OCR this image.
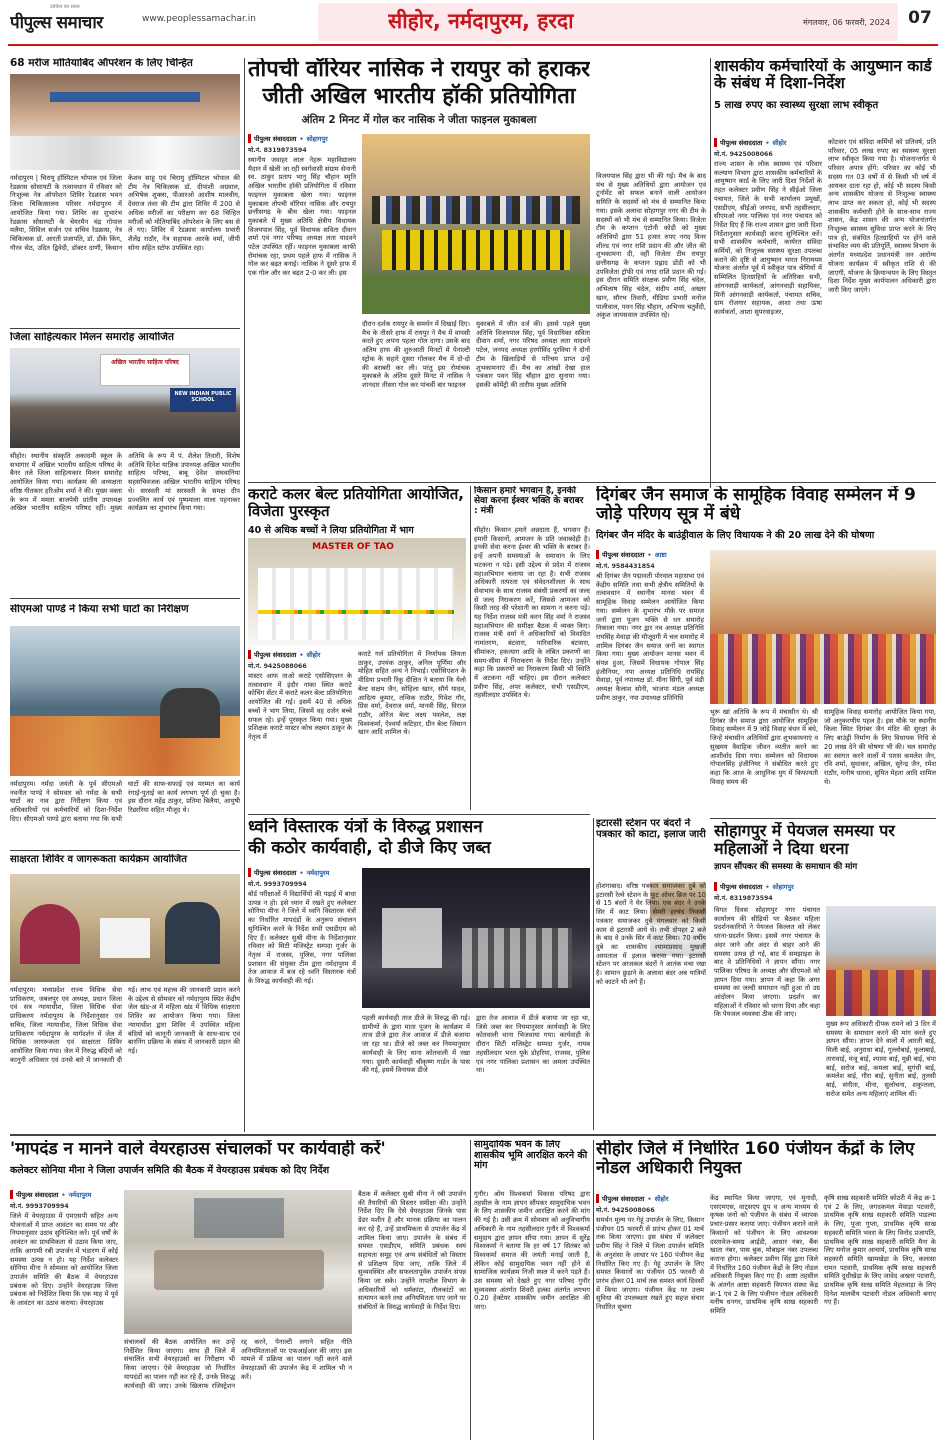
दायित्व का सफ़र
पीपुल्स समाचार	www.peoplessamachar.in	सीहोर, नर्मदापुरम, हरदा	मंगलवार, 06 फरवरी, 2024	07
68 मरीज मोतियाबिंद ऑपरेशन के लिए चिन्हित
नर्मदापुरम | चिरायु हॉस्पिटल भोपाल एवं जिला रेडक्रास सोसायटी के तत्वावधान में रविवार को निःशुल्क नेत्र ऑपरेशन शिविर रेडक्रास भवन जिला चिकित्सालय परिसर नर्मदापुरम में आयोजित किया गया। शिविर का शुभारंभ रेडक्रास सोसायटी के चेयरमैन चंद्र गोपाल मलैया, सिविल सर्जन एवं सचिव रेडक्रास, नेत्र चिकित्सक डॉ. आरती प्रजापति, डॉ. डीके किंग, गौरव सेठ, उदित द्विवेदी, डॉक्टर दाणी, किसान केशव साहू एवं चिरायु हॉस्पिटल भोपाल की टीम नेत्र चिकित्सक डॉ. दीपांशी अग्रवाल, अभिषेक शुक्ला, पीआरओ आशीष मालवीय, देवराज तंवर की टीम द्वारा शिविर में 200 से अधिक मरीजों का परीक्षण कर 68 चिन्हित मरीजों को मोतियाबिंद ऑपरेशन के लिए बस से ले गए। शिविर में रेडक्रास कार्यालय प्रभारी शैलेंद्र राठौर, नेत्र सहायक आरके वर्मा, जीपी सोना सहित स्टॉफ उपस्थित रहा।
जिला साहित्यकार मिलन समारोह आयोजित
अखिल भारतीय साहित्य परिषद
NEW INDIAN PUBLIC SCHOOL
सीहोर। स्थानीय संस्कृति अकादमी स्कूल के सभागार में अखिल भारतीय साहित्य परिषद के बैनर तले जिला साहित्यकार मिलन समारोह आयोजित किया गया। कार्यक्रम की अध्यक्षता वरिष्ठ गीतकार हरिओम शर्मा ने की। मुख्य वक्ता के रूप में ममता बाजपेयी प्रांतीय उपाध्यक्ष अखिल भारतीय साहित्य परिषद रहीं। मुख्य अतिथि के रूप में पं. शैलेश तिवारी, विशेष अतिथि दिनेश याज्ञिक उपाध्यक्ष अखिल भारतीय साहित्य परिषद, बाबू देवेश संघवानिया सहसचिवजक अखिल भारतीय साहित्य परिषद थे। सरस्वती मां सरस्वती के समक्ष दीप प्रज्वलित कार्य एवं पुष्पमाला माला पहनाकर कार्यक्रम का शुभारंभ किया गया।
सीएमओ पाण्डे ने किया सभी घाटों का निरीक्षण
नर्मदापुरम। नर्मदा जयंती के पूर्व सीएमओ नवनीत पाण्डे ने सोमवार को नर्मदा के सभी घाटों का नाव द्वारा निरीक्षण किया एवं अधिकारियों एवं कर्मचारियों को दिशा-निर्देश दिए। सीएमओ पाण्डे द्वारा बताया गया कि सभी घाटों की साफ-सफाई एवं मरम्मत का कार्य रंगाई-पुताई का कार्य लगभग पूर्ण हो चुका है। इस दौरान महेंद्र ठाकुर, प्रतिमा बिलैया, आयुषी रिछारिया सहित मौजूद थे।
साक्षरता शिविर व जागरूकता कार्यक्रम आयोजित
नर्मदापुरम। मध्यप्रदेश राज्य विधिक सेवा प्राधिकरण, जबलपुर एवं अध्यक्ष, प्रधान जिला एवं सत्र न्यायाधीश, जिला विधिक सेवा प्राधिकरण नर्मदापुरम के निर्देशानुसार एवं सचिव, जिला न्यायाधीश, जिला विधिक सेवा प्राधिकरण नर्मदापुरम के मार्गदर्शन में जेल में विधिक जागरूकता एवं साक्षरता शिविर आयोजित किया गया। जेल में निरुद्ध बंदियों को कानूनी अधिकार एवं उनसे बारे में जानकारी दी गई। लाभ एवं महत्त्व की जानकारी प्रदान करने के उद्देश्य से सोमवार को नर्मदापुरम स्थित केंद्रीय जेल खंड-अ में महिला खंड में विधिक साक्षरता शिविर का आयोजन किया गया। जिला न्यायाधीश द्वारा शिविर में उपस्थित महिला बंदियों को कानूनी जानकारी के साथ-साथ एवं बारनिंग प्रक्रिया के संबंध में जानकारी प्रदान की गई।
तोपची वॉरियर नासिक ने रायपुर को हराकर
जीती अखिल भारतीय हॉकी प्रतियोगिता
अंतिम 2 मिनट में गोल कर नासिक ने जीता फाइनल मुकाबला
पीपुल्स संवाददाता • सोहागपुर
मो.नं. 8319873594
स्थानीय जवाहर लाल नेहरू महाविद्यालय मैदान में खेली जा रही स्वर्गवासी संग्राम सेनानी स्व. ठाकुर प्रताप भानु सिंह चौहान स्मृति अखिल भारतीय हॉकी प्रतियोगिता में रविवार फाइनल मुकाबला खेला गया। फाइनल मुकाबला तोपची वॉरियर नासिक और रायपुर छत्तीसगढ़ के बीच खेला गया। फाइनल मुकाबले में मुख्य अतिथि क्षेत्रीय विधायक विजयपाल सिंह, पूर्व विधायक सविता दीवान शर्मा एवं नगर परिषद अध्यक्ष लता यादवने पटेल उपस्थित रहीं। फाइनल मुकाबला काफी रोमांचक रहा, प्रथम पहले हाफ में नासिक ने गोल कर बढ़त बनाई। नासिक ने दूसरे हाफ में एक गोल और कर बढ़त 2-0 कर ली। इस
दौरान दर्शक रायपुर के समर्थन में दिखाई दिए। मैच के तीसरे हाफ में रायपुर ने मैच में वापसी करते हुए अपना पहला गोल दागा। उसके बाद अंतिम हाफ की शुरुआती मिनटों में पेनाल्टी स्ट्रोक के सहारे दूसरा गोलकर मैच में दो-दो की बराबरी कर ली। परंतु इस रोमांचक मुकाबले के अंतिम दूसरे मिनट में नासिक ने शानदार तीसरा गोल कर पांचवीं बार फाइनल
मुकाबले में जीत दर्ज की। इससे पहले मुख्य अतिथि विजयपाल सिंह, पूर्व विधायिका सविता दीवान शर्मा, नगर परिषद अध्यक्ष लता यादवने पटेल, जनपद अध्यक्ष हरगोविंद पुरविया ने दोनों टीम के खिलाड़ियों से परिचय प्राप्त उन्हें शुभकामनाएं दीं। मैच का आंखों देखा हाल पत्रकार पवन सिंह चौहान द्वारा सुनाया गया। इसकी कॉमेंट्री की तारीफ मुख्य अतिथि
विजयपाल सिंह द्वारा भी की गई। मैच के बाद मंच से मुख्य अतिथियों द्वारा आयोजन एवं टूर्नामेंट को सफल बनाने वाली आयोजन समिति के सदस्यों को मंच से सम्मानित किया गया। इसके अलावा सोहागपुर नगर की टीम के सदस्यों को भी मंच से सम्मानित किया। विजेता टीम के कप्तान एंटोनी कोड़ी को मुख्य अतिथियों द्वारा 51 हजार रुपए नगद विनर शील्ड एवं नगर राशि प्रदान की और जीत की शुभकामना दी, वहीं विजेता टीम रायपुर छत्तीसगढ़ के कप्तान प्रह्लाद डोंडी को भी उपविजेता ट्रॉफी एवं नगद राशि प्रदान की गई। इस दौरान समिति संरक्षक प्रवीण सिंह चंदेल, अभिलाष सिंह चंदेल, संदीप शर्मा, अख्तर खान, सौरभ तिवारी, मीडिया प्रभारी मनोज पालीवाल, पवन सिंह चौहान, अभिनय चतुर्वेदी, अंकुश जायसवाल उपस्थित रहे।
कराटे कलर बेल्ट प्रतियोगिता आयोजित, विजेता पुरस्कृत
40 से अधिक बच्चों ने लिया प्रतियोगिता में भाग
MASTER OF TAO
पीपुल्स संवाददाता • सीहोर
मो.नं. 9425088066
मास्टर आफ ताओ कराटे एसोसिएशन के तत्वावधान में इंदौर नाका स्थित कराटे कोचिंग सेंटर में कराटे कलर बेल्ट प्रतियोगिता आयोजित की गई। इसमें 40 से अधिक बच्चों ने भाग लिया, जिसमें वह दर्जन बच्चे सफल रहे। इन्हें पुरस्कृत किया गया। मुख्य प्रशिक्षक कराटे मास्टर कोच लक्ष्मन ठाकुर के नेतृत्व में
कराटे गर्ल प्रतियोगिता में निर्णायक लियता ठाकुर, उपयंक ठाकुर, अनिल पूर्णिमा और मोहित सहित अन्य ने निभाई। एसोसिएशन के मीडिया प्रभारी रिंकू दीक्षित ने बताया कि येलो बेल्ट सक्षम जैन, सोहिला खान, सौर्य यादव, आदित्य कुमार, तन्विक राठौर, गिवेश गौर, प्रिंस वर्मा, देवराज वर्मा, मानवी सिंह, विराज राठौर, ओरेंज बेल्ट लक्ष्य पवलेश, लक्ष विश्वकर्मा, ऐश्वर्या कटिहार, ग्रीन बेल्ट जिसान खान आदि शामिल थे।
किसान हमारे भगवान हैं, इनकी सेवा करना ईश्वर भक्ति के बराबर : मंत्री
सीहोर। किसान हमारे अन्नदाता हैं, भगवान हैं। हमारी किसानों, आमजन के प्रति जवाबदेही है। इनकी सेवा करना ईश्वर की भक्ति के बराबर है। इन्हें अपनी समस्याओं के समाधान के लिए भटकना न पड़े। इसी उद्देश्य से प्रदेश में राजस्व महाअभियान चलाया जा रहा है। सभी राजस्व अधिकारी तत्परता एवं संवेदनशीलता के साथ सेवाभाव के साथ राजस्व संबंधी प्रकरणों का जल्द से जल्द निराकरण करें, जिससे आमजन को किसी तरह की परेशानी का सामना न करना पड़े। यह निर्देश राजस्व मंत्री करन सिंह वर्मा ने राजस्व महाअभियान की समीक्षा बैठक में व्यक्त किए। राजस्व मंत्री वर्मा ने अधिकारियों को विवादित नामांतरण, बंटवारा, पारिवारिक बंटवारा, सीमांकन, हकत्याग आदि के लंबित प्रकरणों का समय-सीमा में निराकरण के निर्देश दिए। उन्होंने कहा कि प्रकरणों का निराकरण किसी भी स्थिति में अटकना नहीं चाहिए। इस दौरान कलेक्टर प्रवीण सिंह, अपर कलेक्टर, सभी एसडीएम, तहसीलदार उपस्थित थे।
ध्वनि विस्तारक यंत्रों के विरुद्ध प्रशासन
की कठोर कार्यवाही, दो डीजे किए जब्त
पीपुल्स संवाददाता • नर्मदापुरम
मो.नं. 9993709994
बोर्ड परीक्षाओं में विद्यार्थियों की पढ़ाई में बाधा उत्पन्न न हो। इसे ध्यान में रखते हुए कलेक्टर सोनिया मीना ने जिले में ध्वनि विस्तारक यंत्रों का निर्धारित मापदंडों के अनुरूप संचालन सुनिश्चित करने के निर्देश सभी एसडीएम को दिए हैं। कलेक्टर सुश्री मीना के निर्देशानुसार रविवार को सिटी मजिस्ट्रेट सम्पदा गुर्जर के नेतृत्व में राजस्व, पुलिस, नगर पालिका प्रशासन की संयुक्त टीम द्वारा नर्मदापुरम में तेज आवाज में बज रहे ध्वनि विस्तारक यंत्रों के विरुद्ध कार्यवाही की गई।
पहली कार्यवाही ताज डीजे के विरुद्ध की गई। ग्रामीणों के द्वारा माता पूजन के कार्यक्रम में ताज डीजे द्वारा तेज आवाज में डीजे बजाया जा रहा था। डीजे को जब्त कर नियमानुसार कार्यवाही के लिए थाना कोतवाली में रखा गया। दूसरी कार्यवाही श्रीकृष्ण गार्डन के पास की गई, इसमें विनायक डीजे
द्वारा तेज आवाज में डीजे बजाया जा रहा था, जिसे जब्त कर नियमानुसार कार्यवाही के लिए कोतवाली थाना भिजवाया गया। कार्यवाही के दौरान सिटी मजिस्ट्रेट सम्पदा गुर्जर, नायब तहसीलदार भरत यूके डोहरिया, राजस्व, पुलिस एवं नगर पालिका प्रशासन का अमला उपस्थित था।
इटारसी स्टेशन पर बंदरों ने पत्रकार को काटा, इलाज जारी
होशंगाबाद। वरिष्ठ पत्रकार समाजकर दुबे को इटारसी रेल्वे स्टेशन के फूट ओवर ब्रिज पर 10 से 15 बंदरों ने घेर लिया। एक बंदर ने उनके सिर में काट लिया। सेमरी हरचंद निवासी पत्रकार समाजकर दुबे मंगलवार को किसी काम से इटारसी आये थे। तभी दोपहर 2 बजे के बाद वे उनके सिर में काट लिया। 70 वर्षीय दुबे का शासकीय श्यामाप्रसाद मुखर्जी अस्पताल में इलाज कराया गया। इटारसी स्टेशन पर आजकल बंदरों ने आतंक मचा रखा है। सामान छुड़ाने के अलावा बंदर अब यात्रियों को काटने भी लगे हैं।
शासकीय कर्मचारियों के आयुष्मान कार्ड के संबंध में दिशा-निर्देश
5 लाख रुपए का स्वास्थ्य सुरक्षा लाभ स्वीकृत
पीपुल्स संवाददाता • सीहोर
मो.नं. 9425008066
राज्य शासन के लोक स्वास्थ्य एवं परिवार कल्याण विभाग द्वारा शासकीय कर्मचारियों के आयुष्मान कार्ड के लिए जारी दिशा निर्देशों के तहत कलेक्टर प्रवीण सिंह ने सीईओ जिला पंचायत, जिले के सभी कार्यालय प्रमुखों, एसडीएम, सीईओ जनपद, सभी तहसीलदार, सीएमओ नगर पालिका एवं नगर पंचायत को निर्देश दिए हैं कि राज्य शासन द्वारा जारी दिशा निर्देशानुसार कार्यवाही करना सुनिश्चित करें। सभी शासकीय कर्मचारी, कार्यरत संविदा कर्मियों, को निःशुल्क स्वास्थ्य सुरक्षा उपलब्ध कराने की दृष्टि से आयुष्मान भारत निरामयम योजना अंतर्गत पूर्व में स्वीकृत पात्र श्रेणियों में सम्मिलित हितग्राहियों के अतिरिक्त सभी, आंगनवाड़ी कार्यकर्ता, आंगनवाड़ी सहायिका, मिनी आंगनवाड़ी कार्यकर्ता, पंचायत सचिव, ग्राम रोजगार सहायक, आशा तथा ऊषा कार्यकर्ता, आशा सुपरवाइजर,
कोटवार एवं संविदा कर्मियों को प्रतिवर्ष, प्रति परिवार, 05 लाख रुपए का स्वास्थ्य सुरक्षा लाभ स्वीकृत किया गया है। योजनान्तर्गत ये परिवार अपात्र होंगे: परिवार का कोई भी सदस्य गत 03 वर्षों में से किसी भी वर्ष में आयकर दाता रहा हो, कोई भी सदस्य किसी अन्य शासकीय योजना से निःशुल्क स्वास्थ्य लाभ प्राप्त कर सकता हो, कोई भी सदस्य शासकीय कर्मचारी होने के साथ-साथ राज्य शासन, केंद्र शासन की अन्य योजनांतर्गत निःशुल्क स्वास्थ्य सुविधा प्राप्त करने के लिए पात्र हो, संबंधित हितग्राहियों पर होने वाले संभावित व्यय की प्रतिपूर्ति, स्वास्थ्य विभाग के अंतर्गत मध्यप्रदेश प्रधानमंत्री जन आरोग्य योजना कार्यक्रम में स्वीकृत राशि से की जाएगी, योजना के क्रियान्वयन के लिए विस्तृत दिशा निर्देश मुख्य कार्यपालन अधिकारी द्वारा जारी किए जाएंगे।
दिगंबर जैन समाज के सामूहिक विवाह सम्मेलन में 9 जोड़े परिणय सूत्र में बंधे
दिगंबर जैन मंदिर के बाउंड्रीवाल के लिए विधायक ने की 20 लाख देने की घोषणा
पीपुल्स संवाददाता • आष्टा
मो.नं. 9584431854
श्री दिगंबर जैन पद्मावती पोरवाल महासभा एवं केंद्रीय समिति तथा सभी क्षेत्रीय समितियों के तत्वावधान में स्थानीय मानस भवन में सामूहिक विवाह सम्मेलन आयोजित किया गया। सम्मेलन के शुभारंभ मौके पर समाज जनों द्वारा पूजन भक्ति से धन समारोह निकाला गया। नगर द्वार नव अध्यक्ष प्रतिनिधि रायसिंह मेवाड़ा की मौजूदगी में चल समारोह में शामिल दिगंबर जैन समाज जनों का स्वागत किया गया। मुख्य आयोजन मानस भवन में संपन्न हुआ, जिसमें विधायक गोपाल सिंह इंजीनियर, नपा अध्यक्ष प्रतिनिधि रायसिंह मेवाड़ा, पूर्व नपाध्यक्ष डॉ. मीना सिंगी, पूर्व मंडी अध्यक्ष कैलाश सोनी, भाजपा मंडल अध्यक्ष प्रवीण ठाकुर, नपा उपाध्यक्ष प्रतिनिधि
भूरू खां अतिथि के रूप में मंचासीन थे। श्री दिगंबर जैन समाज द्वारा आयोजित सामूहिक विवाह सम्मेलन में 9 जोड़े विवाह बंधन में बंधे, जिन्हें मंचासीन अतिथियों द्वारा शुभकामनाएं व सुखमय वैवाहिक जीवन व्यतीत करने का आशीर्वाद दिया गया। सम्मेलन को विधायक गोपालसिंह इंजीनियर ने संबोधित करते हुए कहा कि आज के आधुनिक युग में किफायती विवाह समय की
सामूहिक विवाह समारोह आयोजित किया गया, जो अनुकरणीय पहल है। इस मौके पर स्थानीय किला स्थित दिगंबर जैन मंदिर की सुरक्षा के लिए बाउंड्री निर्माण के लिए विधायक निधि से 20 लाख देने की घोषणा भी की। चल समारोह का स्वागत करने वालों में पारस कमलेश जैन, रवि शर्मा, सुधाकर, अखिल, सुरेन्द्र जैन, रमेश राठौर, मनीष धारवा, सुमित मेहता आदि शामिल थे।
सोहागपुर में पेयजल समस्या पर महिलाओं ने दिया धरना
ज्ञापन सौंपकर की समस्या के समाधान की मांग
पीपुल्स संवाददाता • सोहागपुर
मो.नं. 8319873594
विगत दिवस सोहागपुर नगर पंचायत कार्यालय की सीढ़ियों पर बैठकर महिला प्रदर्शनकारियों ने पेयजल किल्लत को लेकर धरना-प्रदर्शन किया। इससे नगर पंचायत के अंदर जाने और अंदर से बाहर आने की समस्या उत्पन्न हो गई, बाद में समझाइश के बाद वे प्रतिनिधियों ने ज्ञापन सौंपा। नगर पालिका परिषद के अध्यक्ष और सीएमओ को ज्ञापन दिया गया। ज्ञापन में कहा कि अगर समस्या का जल्दी समाधान नहीं हुआ तो उग्र आंदोलन किया जाएगा। प्रदर्शन कर महिलाओं ने रविवार को धरना दिया और कहा कि पेयजल व्यवस्था ठीक की जाए।
मुख्य रूप अधिकारी दीपक रामने को 3 दिन में समस्या के समाधान करने की मांग करते हुए ज्ञापन सौंपा। ज्ञापन देने वालों में आरती बाई, मिली बाई, अनुराधा बाई, गुल्लोबाई, फूलाबाई, तारावाई, मंजू बाई, श्यामा बाई, मुन्नी बाई, चंपा बाई, सरोज बाई, कमला बाई, सुगंधी बाई, कमलेश बाई, गौरा बाई, सुनीता बाई, तुलसी बाई, संगीता, मीना, सुलोचना, शकुन्तला, सरोज समेत अन्य महिलाएं शामिल थीं।
'मापदंड न मानने वाले वेयरहाउस संचालकों पर कार्यवाही करें'
कलेक्टर सोनिया मीना ने जिला उपार्जन समिति की बैठक में वेयरहाउस प्रबंधक को दिए निर्देश
पीपुल्स संवाददाता • नर्मदापुरम
मो.नं. 9993709994
जिले में वेयरहाउस में एमएसपी सहित अन्य योजनाओं में प्राप्त आवंटन का समय पर और नियमानुसार उठाव सुनिश्चित करें। पूर्व वर्षों के आवंटन का प्राथमिकता से उठाव किया जाए, ताकि आगामी रबी उपार्जन में भंडारण में कोई समस्या उत्पन्न न हो। यह निर्देश कलेक्टर सोनिया मीना ने सोमवार को आयोजित जिला उपार्जन समिति की बैठक में वेयरहाउस प्रबंधक को दिए। उन्होंने वेयरहाउस जिला प्रबंधक को निर्देशित किया कि एक माह में पूर्व के आवंटन का उठाव कराया। वेयरहाउस
संचालकों की बैठक आयोजित कर उन्हें निर्देशित किया जाएगा। साथ ही जिले में संचालित सभी वेयरहाउसों का निरीक्षण भी किया जाएगा। ऐसे वेयरहाउस जो निर्धारित मापदंडों का पालन नहीं कर रहे हैं, उनके विरुद्ध कार्यवाही की जाए। उनके खिलाफ रजिस्ट्रेशन रद्द करने, पेनाल्टी लगाने सहित नीति अनियमितताओं पर एफआईआर की जाए। इस मामले में प्रक्रिया का पालन नहीं करने वाले वेयरहाउसों की उपार्जन केंद्र में शामिल भी न करें।
बैठक में कलेक्टर सुश्री मीना ने रबी उपार्जन की तैयारियों की विस्तार समीक्षा की। उन्होंने निर्देश दिए कि ऐसे वेयरहाउस जिनके पास ग्रेडर मशीन है और मानक प्रक्रिया का पालन कर रहे हैं, उन्हें प्राथमिकता से उपार्जन केंद्र में शामिल किया जाए। उपार्जन के संबंध में समस्त एसडीएम, समिति प्रबंधक स्वयं सहायता समूह एवं अन्य संबंधितों को विस्तार से प्रशिक्षण दिया जाए, ताकि जिले में सुव्यवस्थित और सफलतापूर्वक उपार्जन संपन्न किया जा सके। उन्होंने नापतौल विभाग के अधिकारियों को धर्मकांटा, तौलकांटों का सत्यापन करने तथा अनियमितता पाए जाने पर संबंधितों के विरुद्ध कार्यवाही के निर्देश दिए।
सामुदायिक भवन के लिए शासकीय भूमि आरक्षित करने की मांग
गुनौर। ओम विश्वकर्मा विकास परिषद द्वारा तहसील के नाम ज्ञापन सौंपकर सामुदायिक भवन के लिए शासकीय जमीन आरक्षित करने की मांग की गई है। उसी क्रम में सोमवार को अनुविभागीय अधिकारी के नाम तहसीलदार गुनौर में विश्वकर्मा समुदाय द्वारा ज्ञापन सौंपा गया। ज्ञापन में सुरेंद्र विश्वकर्मा ने बताया कि हर वर्ष 17 सितंबर को विश्वकर्मा समाज की जयंती मनाई जाती है, लेकिन कोई सामुदायिक भवन नहीं होने से सामाजिक कार्यक्रम निजी स्थल में करने पड़ते हैं। उस समस्या को देखते हुए नगर परिषद गुनौर सुव्यवस्था अंतर्गत शिवरी हल्का अंतर्गत लगभग 0.20 हेक्टेयर शासकीय जमीन आरक्षित की जाए।
सीहोर जिले में निर्धारित 160 पंजीयन केंद्रों के लिए नोडल अधिकारी नियुक्त
पीपुल्स संवाददाता • सीहोर
मो.नं. 9425008066
समर्थन मूल्य पर गेहूं उपार्जन के लिए, किसान पंजीयन 05 फरवरी से प्रारंभ होकर 01 मार्च तक किया जाएगा। इस संबंध में कलेक्टर प्रवीण सिंह ने जिले में जिला उपार्जन समिति के अनुशंसा के आधार पर 160 पंजीयन केंद्र निर्धारित किए गए हैं। गेहूं उपार्जन के लिए समस्त किसानों का पंजीयन 05 फरवरी से प्रारंभ होकर 01 मार्च तक समस्त कार्य दिवसों में किया जाएगा। पंजीयन केंद्र पर उत्तम सुविधा की उपलब्धता रखते हुए सहज संचार निर्धारित सूचना
केंद्र स्थापित किया जाएगा, एवं मुनादी, एसएमएस, वाट्सएप ग्रुप व अन्य माध्यम से कृषक जनों को पंजीयन के संबंध में व्यापक प्रचार-प्रसार कराया जाए। पंजीयन कराने वाले किसानों को पंजीयन के लिए आवश्यक दस्तावेज-समग्र आईडी, आधार नंबर, बैंक खाता नंबर, पास बुक, मोबाइल नंबर उपलब्ध कराना होगा। कलेक्टर प्रवीण सिंह द्वारा जिले में निर्धारित 160 पंजीयन केंद्रों के लिए नोडल अधिकारी नियुक्त किए गए हैं। आष्टा तहसील के अंतर्गत आष्टा सहकारी विपणन संस्था केंद्र क्र-1 एवं 2 के लिए पंजीयन नोडल अधिकारी मनीष धनगर, प्राथमिक कृषि साख सहकारी समिति
कृषि साख सहकारी समिति कोठरी में केंद्र क्र-1 एवं 2 के लिए, जगदकमल मेवाड़ा पटवारी, प्राथमिक कृषि साख सहकारी समिति पाडल्या के लिए, पूजा गुप्ता, प्राथमिक कृषि साख सहकारी समिति भवरा के लिए विनोद प्रजापति, प्राथमिक कृषि साख सहकारी समिति मैना के लिए मनोज कुमार आचार्य, प्राथमिक कृषि साख सहकारी समिति खामखेड़ा के लिए, कलासा रामत पटवारी, प्राथमिक कृषि साख सहकारी समिति दुधीखेड़ा के लिए जावेद अख्तर पटवारी, प्राथमिक कृषि साख समिति मेहतवाड़ा के लिए दिनेश मालवीय पटवारी नोडल अधिकारी बनाए गए हैं।
